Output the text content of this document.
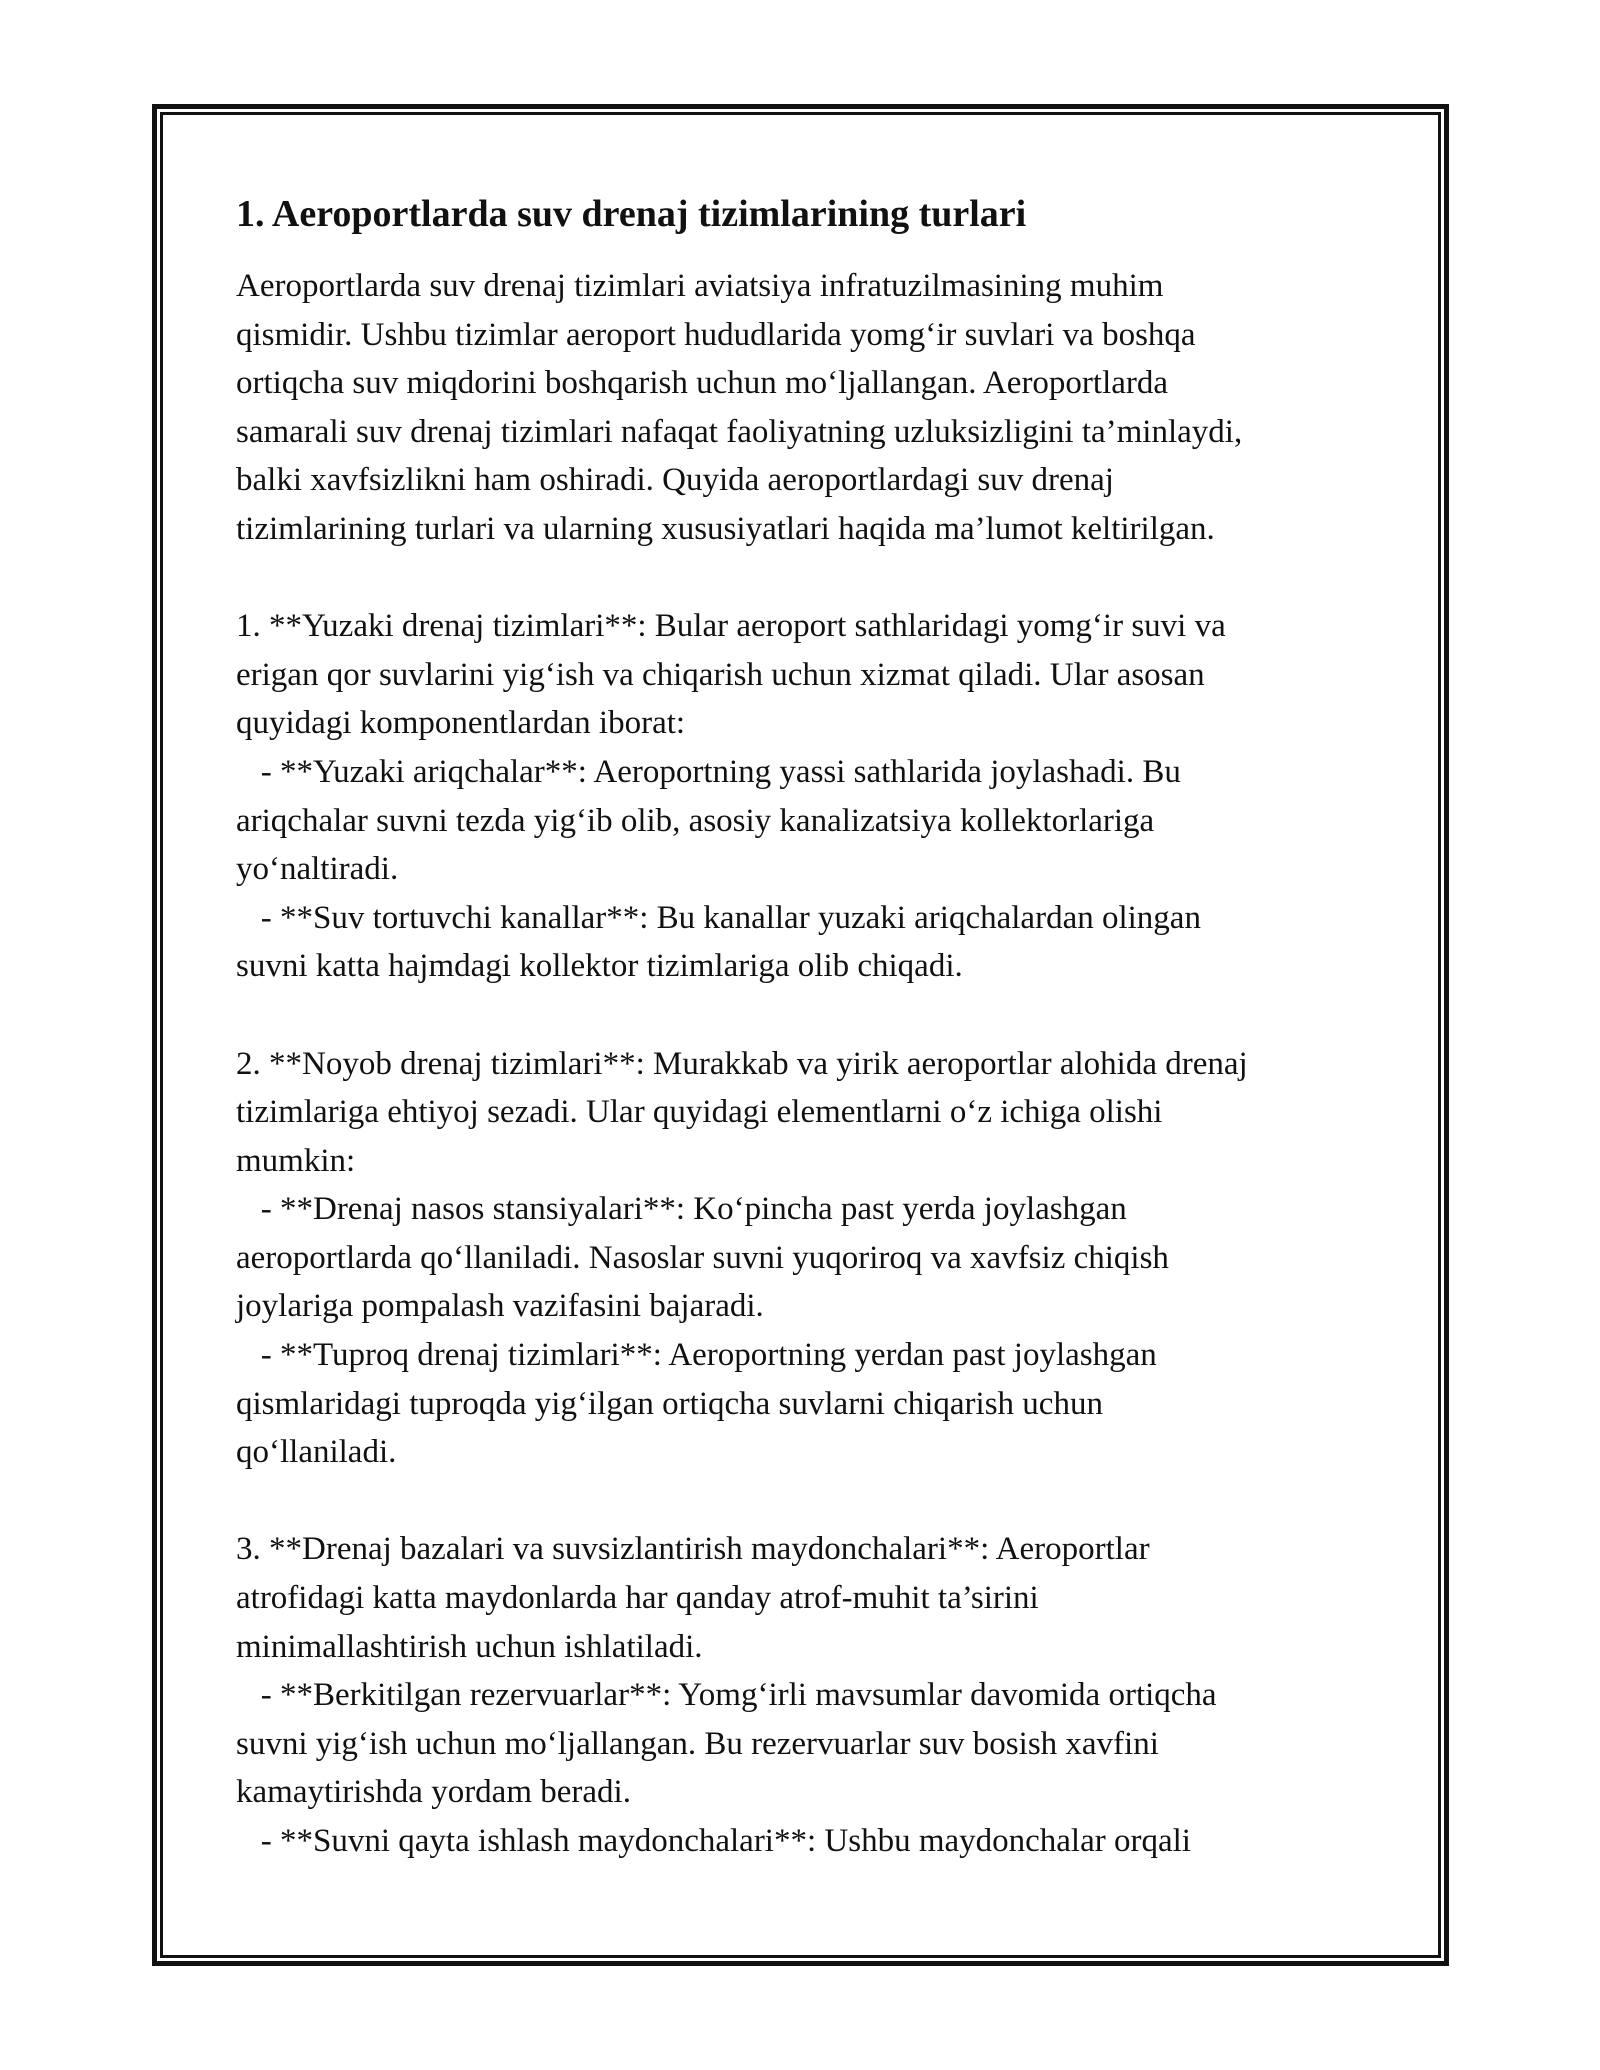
1. Aeroportlarda suv drenaj tizimlarining turlari
Aeroportlarda suv drenaj tizimlari aviatsiya infratuzilmasining muhim
qismidir. Ushbu tizimlar aeroport hududlarida yomg‘ir suvlari va boshqa
ortiqcha suv miqdorini boshqarish uchun mo‘ljallangan. Aeroportlarda
samarali suv drenaj tizimlari nafaqat faoliyatning uzluksizligini ta’minlaydi,
balki xavfsizlikni ham oshiradi. Quyida aeroportlardagi suv drenaj
tizimlarining turlari va ularning xususiyatlari haqida ma’lumot keltirilgan.
1. **Yuzaki drenaj tizimlari**: Bular aeroport sathlaridagi yomg‘ir suvi va
erigan qor suvlarini yig‘ish va chiqarish uchun xizmat qiladi. Ular asosan
quyidagi komponentlardan iborat:
- **Yuzaki ariqchalar**: Aeroportning yassi sathlarida joylashadi. Bu
ariqchalar suvni tezda yig‘ib olib, asosiy kanalizatsiya kollektorlariga
yo‘naltiradi.
- **Suv tortuvchi kanallar**: Bu kanallar yuzaki ariqchalardan olingan
suvni katta hajmdagi kollektor tizimlariga olib chiqadi.
2. **Noyob drenaj tizimlari**: Murakkab va yirik aeroportlar alohida drenaj
tizimlariga ehtiyoj sezadi. Ular quyidagi elementlarni o‘z ichiga olishi
mumkin:
- **Drenaj nasos stansiyalari**: Ko‘pincha past yerda joylashgan
aeroportlarda qo‘llaniladi. Nasoslar suvni yuqoriroq va xavfsiz chiqish
joylariga pompalash vazifasini bajaradi.
- **Tuproq drenaj tizimlari**: Aeroportning yerdan past joylashgan
qismlaridagi tuproqda yig‘ilgan ortiqcha suvlarni chiqarish uchun
qo‘llaniladi.
3. **Drenaj bazalari va suvsizlantirish maydonchalari**: Aeroportlar
atrofidagi katta maydonlarda har qanday atrof-muhit ta’sirini
minimallashtirish uchun ishlatiladi.
- **Berkitilgan rezervuarlar**: Yomg‘irli mavsumlar davomida ortiqcha
suvni yig‘ish uchun mo‘ljallangan. Bu rezervuarlar suv bosish xavfini
kamaytirishda yordam beradi.
- **Suvni qayta ishlash maydonchalari**: Ushbu maydonchalar orqali
